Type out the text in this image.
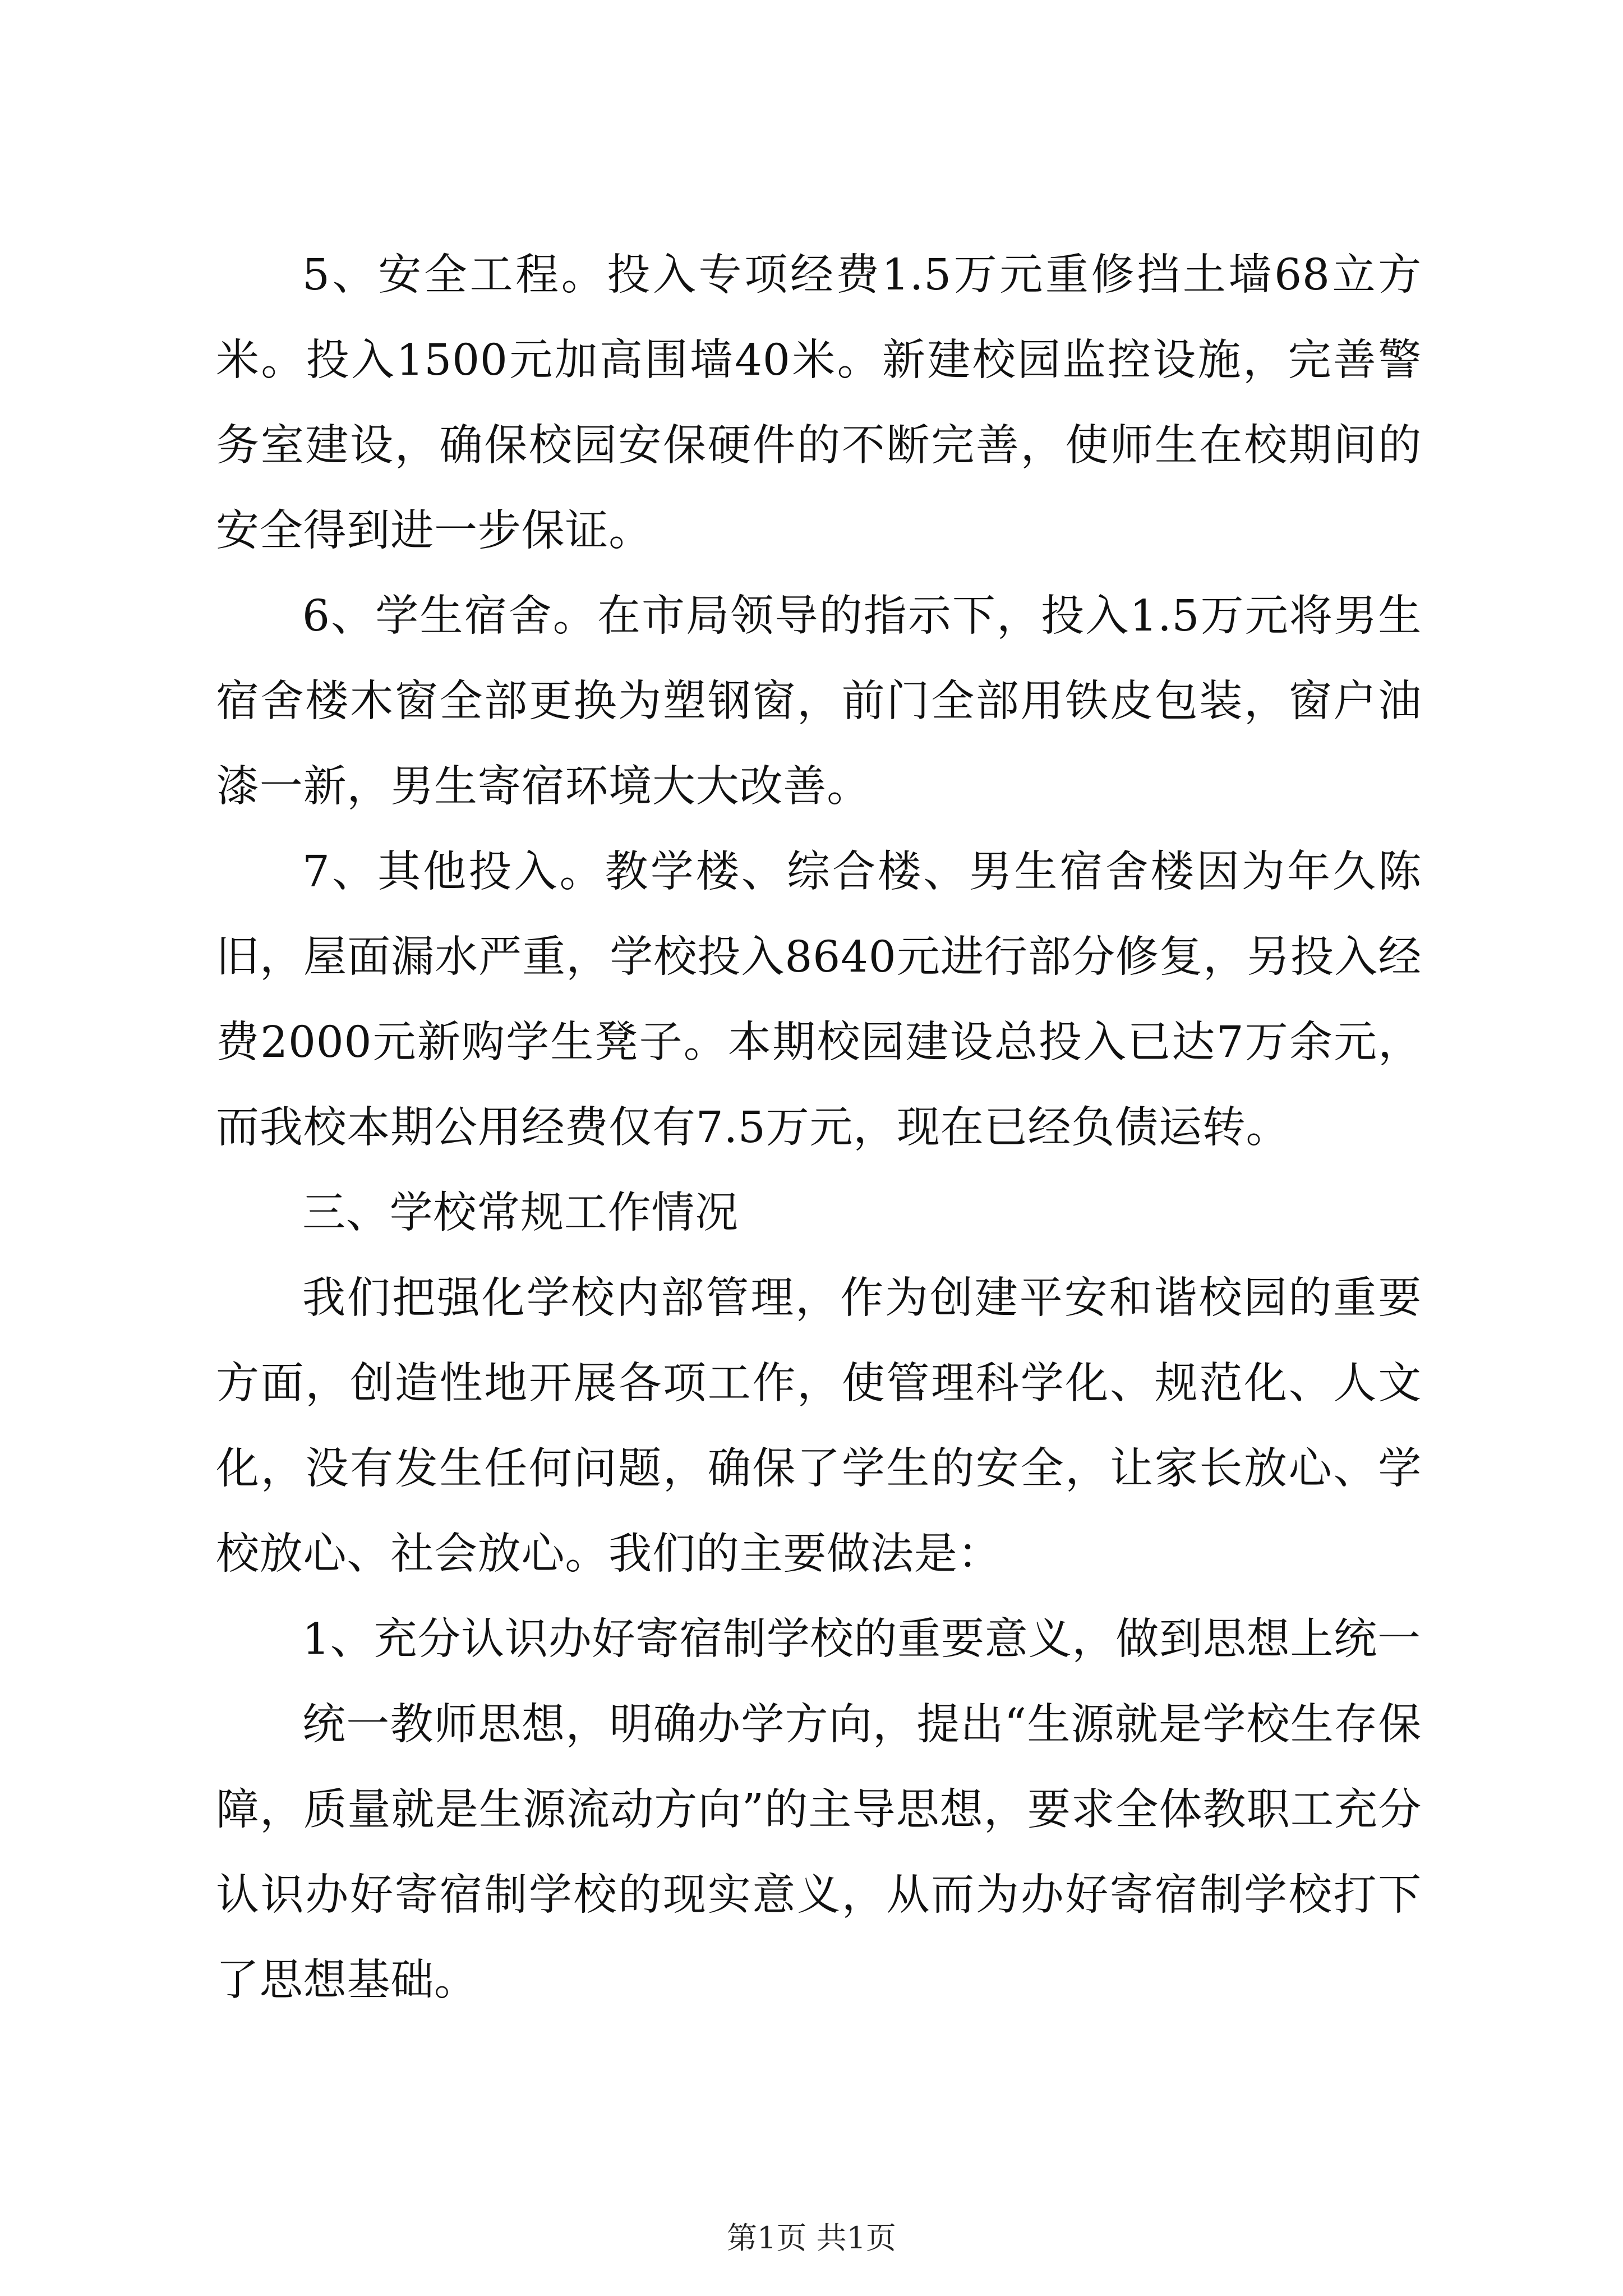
5、安全工程。投入专项经费1.5万元重修挡土墙68立方米。投入1500元加高围墙40米。新建校园监控设施，完善警务室建设，确保校园安保硬件的不断完善，使师生在校期间的安全得到进一步保证。

6、学生宿舍。在市局领导的指示下，投入1.5万元将男生宿舍楼木窗全部更换为塑钢窗，前门全部用铁皮包装，窗户油漆一新，男生寄宿环境大大改善。

7、其他投入。教学楼、综合楼、男生宿舍楼因为年久陈旧，屋面漏水严重，学校投入8640元进行部分修复，另投入经费2000元新购学生凳子。本期校园建设总投入已达7万余元，而我校本期公用经费仅有7.5万元，现在已经负债运转。

三、学校常规工作情况

我们把强化学校内部管理，作为创建平安和谐校园的重要方面，创造性地开展各项工作，使管理科学化、规范化、人文化，没有发生任何问题，确保了学生的安全，让家长放心、学校放心、社会放心。我们的主要做法是：

1、充分认识办好寄宿制学校的重要意义，做到思想上统一

统一教师思想，明确办学方向，提出“生源就是学校生存保障，质量就是生源流动方向”的主导思想，要求全体教职工充分认识办好寄宿制学校的现实意义，从而为办好寄宿制学校打下了思想基础。

第1页 共1页
